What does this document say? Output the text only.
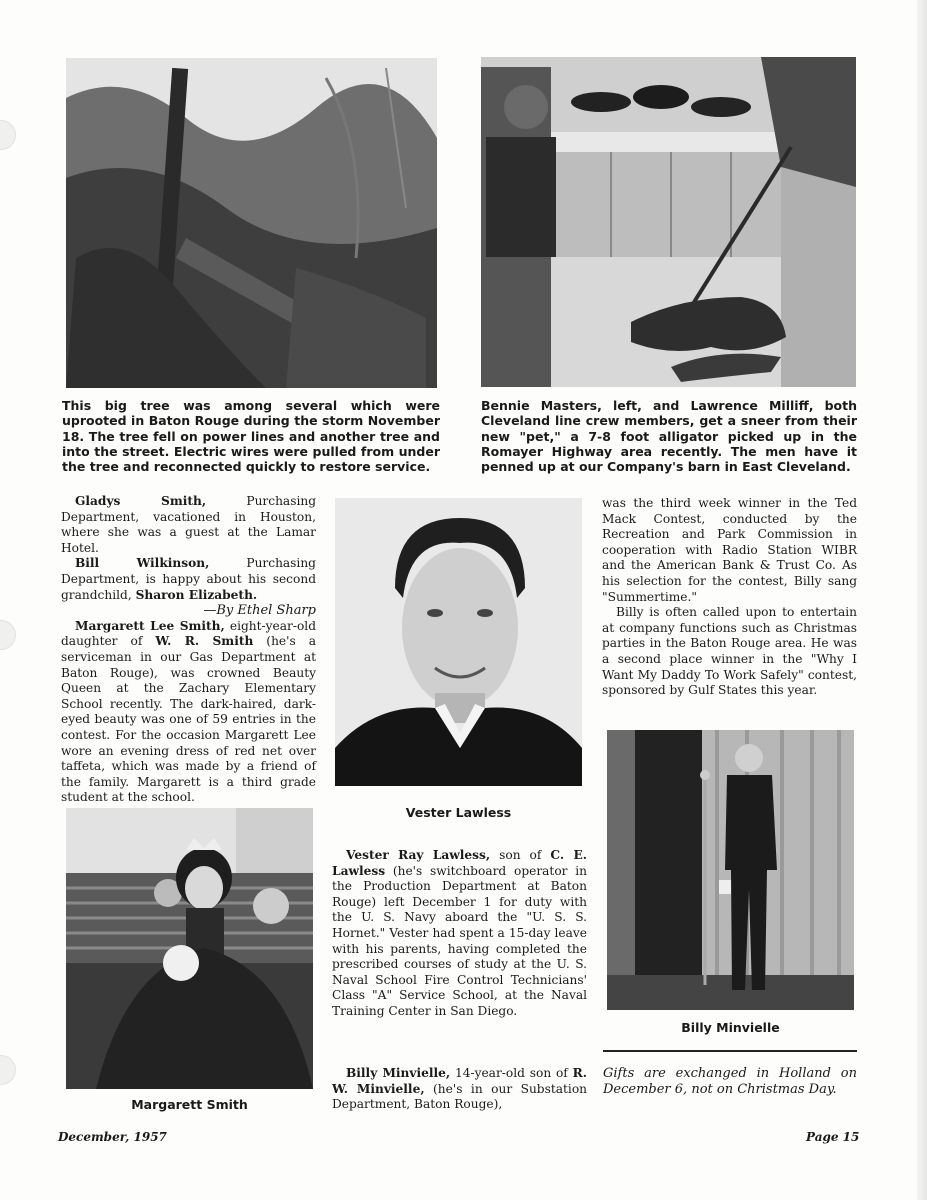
This big tree was among several which were uprooted in Baton Rouge during the storm November 18. The tree fell on power lines and another tree and into the street. Electric wires were pulled from under the tree and reconnected quickly to restore service.

Bennie Masters, left, and Lawrence Milliff, both Cleveland line crew members, get a sneer from their new "pet," a 7-8 foot alligator picked up in the Romayer Highway area recently. The men have it penned up at our Company's barn in East Cleveland.

Gladys Smith, Purchasing Department, vacationed in Houston, where she was a guest at the Lamar Hotel.

Bill Wilkinson, Purchasing Department, is happy about his second grandchild, Sharon Elizabeth.

—By Ethel Sharp

Margarett Lee Smith, eight-year-old daughter of W. R. Smith (he's a serviceman in our Gas Department at Baton Rouge), was crowned Beauty Queen at the Zachary Elementary School recently. The dark-haired, dark-eyed beauty was one of 59 entries in the contest. For the occasion Margarett Lee wore an evening dress of red net over taffeta, which was made by a friend of the family. Margarett is a third grade student at the school.

Margarett Smith
Vester Lawless

Vester Ray Lawless, son of C. E. Lawless (he's switchboard operator in the Production Department at Baton Rouge) left December 1 for duty with the U. S. Navy aboard the "U. S. S. Hornet." Vester had spent a 15-day leave with his parents, having completed the prescribed courses of study at the U. S. Naval School Fire Control Technicians' Class "A" Service School, at the Naval Training Center in San Diego.

Billy Minvielle, 14-year-old son of R. W. Minvielle, (he's in our Substation Department, Baton Rouge),

was the third week winner in the Ted Mack Contest, conducted by the Recreation and Park Commission in cooperation with Radio Station WIBR and the American Bank & Trust Co. As his selection for the contest, Billy sang "Summertime."

Billy is often called upon to entertain at company functions such as Christmas parties in the Baton Rouge area. He was a second place winner in the "Why I Want My Daddy To Work Safely" contest, sponsored by Gulf States this year.

Billy Minvielle
Gifts are exchanged in Holland on December 6, not on Christmas Day.
December, 1957	Page 15
